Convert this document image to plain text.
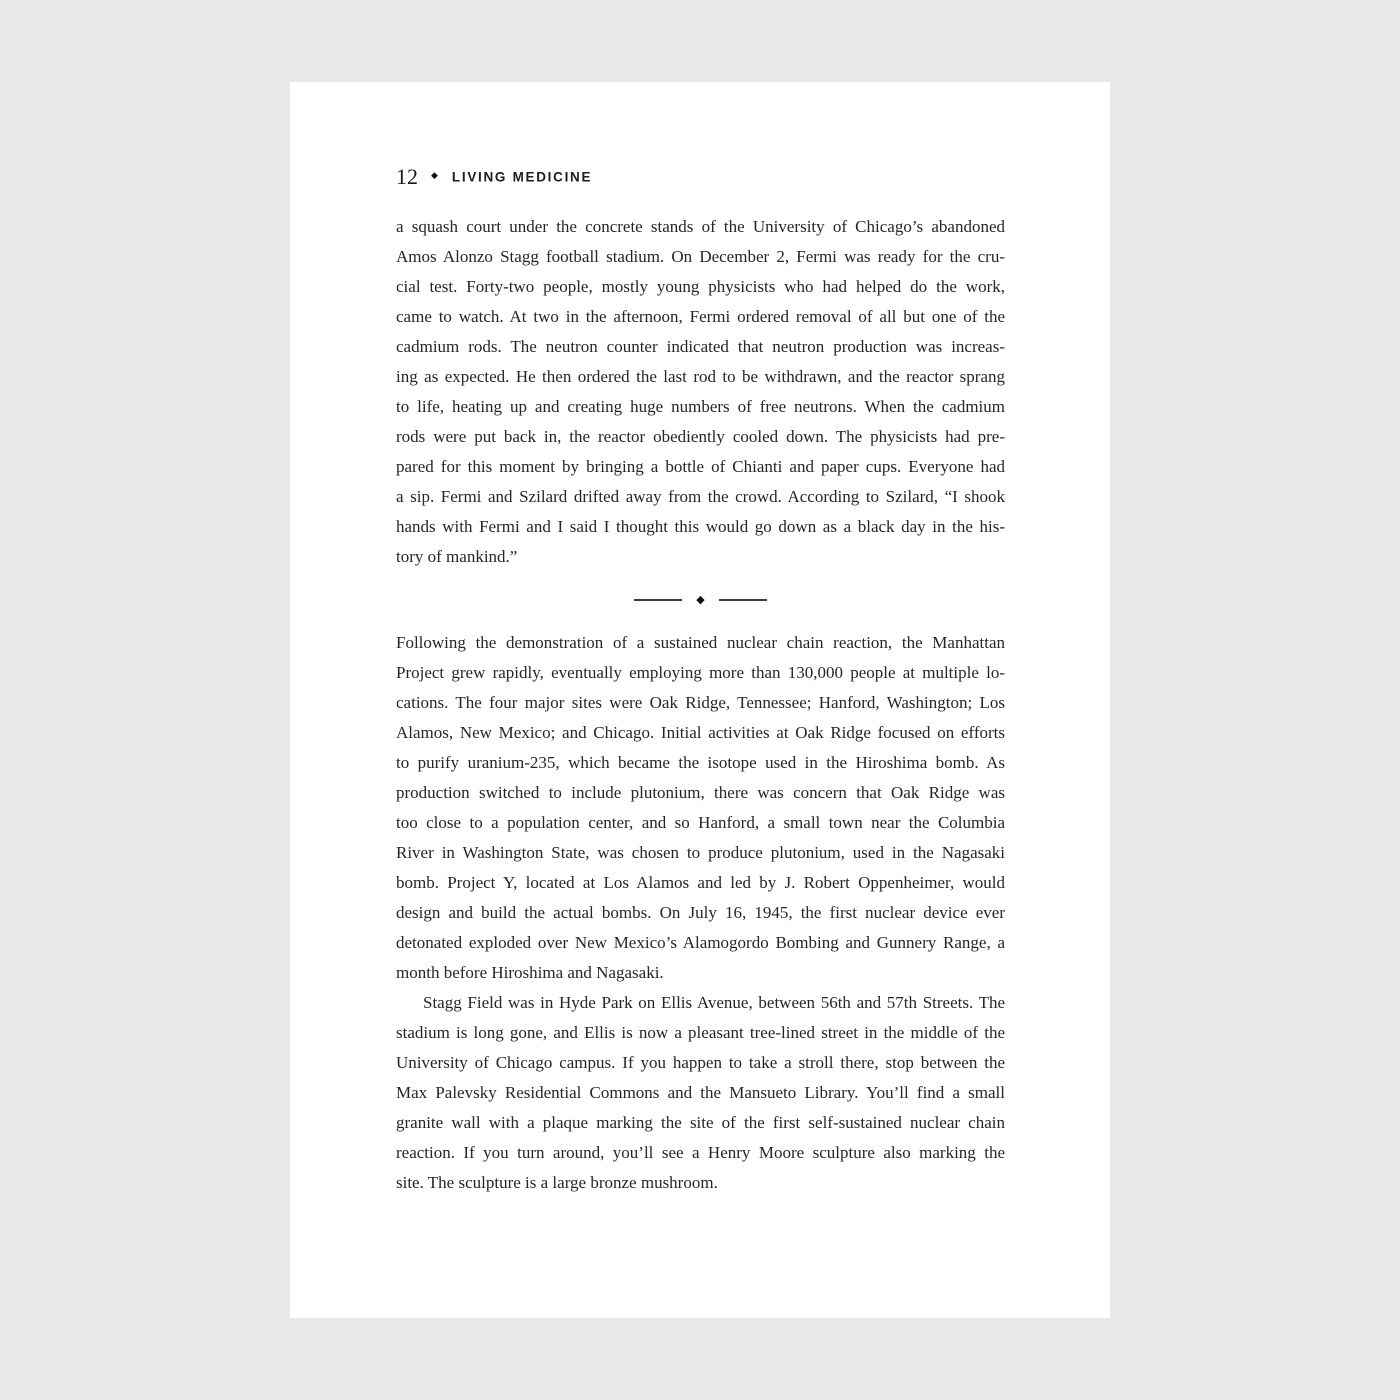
12 ◆ LIVING MEDICINE
a squash court under the concrete stands of the University of Chicago’s abandoned
Amos Alonzo Stagg football stadium. On December 2, Fermi was ready for the cru-
cial test. Forty-two people, mostly young physicists who had helped do the work,
came to watch. At two in the afternoon, Fermi ordered removal of all but one of the
cadmium rods. The neutron counter indicated that neutron production was increas-
ing as expected. He then ordered the last rod to be withdrawn, and the reactor sprang
to life, heating up and creating huge numbers of free neutrons. When the cadmium
rods were put back in, the reactor obediently cooled down. The physicists had pre-
pared for this moment by bringing a bottle of Chianti and paper cups. Everyone had
a sip. Fermi and Szilard drifted away from the crowd. According to Szilard, “I shook
hands with Fermi and I said I thought this would go down as a black day in the his-
tory of mankind.”
◆
Following the demonstration of a sustained nuclear chain reaction, the Manhattan
Project grew rapidly, eventually employing more than 130,000 people at multiple lo-
cations. The four major sites were Oak Ridge, Tennessee; Hanford, Washington; Los
Alamos, New Mexico; and Chicago. Initial activities at Oak Ridge focused on efforts
to purify uranium-235, which became the isotope used in the Hiroshima bomb. As
production switched to include plutonium, there was concern that Oak Ridge was
too close to a population center, and so Hanford, a small town near the Columbia
River in Washington State, was chosen to produce plutonium, used in the Nagasaki
bomb. Project Y, located at Los Alamos and led by J. Robert Oppenheimer, would
design and build the actual bombs. On July 16, 1945, the first nuclear device ever
detonated exploded over New Mexico’s Alamogordo Bombing and Gunnery Range, a
month before Hiroshima and Nagasaki.
Stagg Field was in Hyde Park on Ellis Avenue, between 56th and 57th Streets. The
stadium is long gone, and Ellis is now a pleasant tree-lined street in the middle of the
University of Chicago campus. If you happen to take a stroll there, stop between the
Max Palevsky Residential Commons and the Mansueto Library. You’ll find a small
granite wall with a plaque marking the site of the first self-sustained nuclear chain
reaction. If you turn around, you’ll see a Henry Moore sculpture also marking the
site. The sculpture is a large bronze mushroom.
